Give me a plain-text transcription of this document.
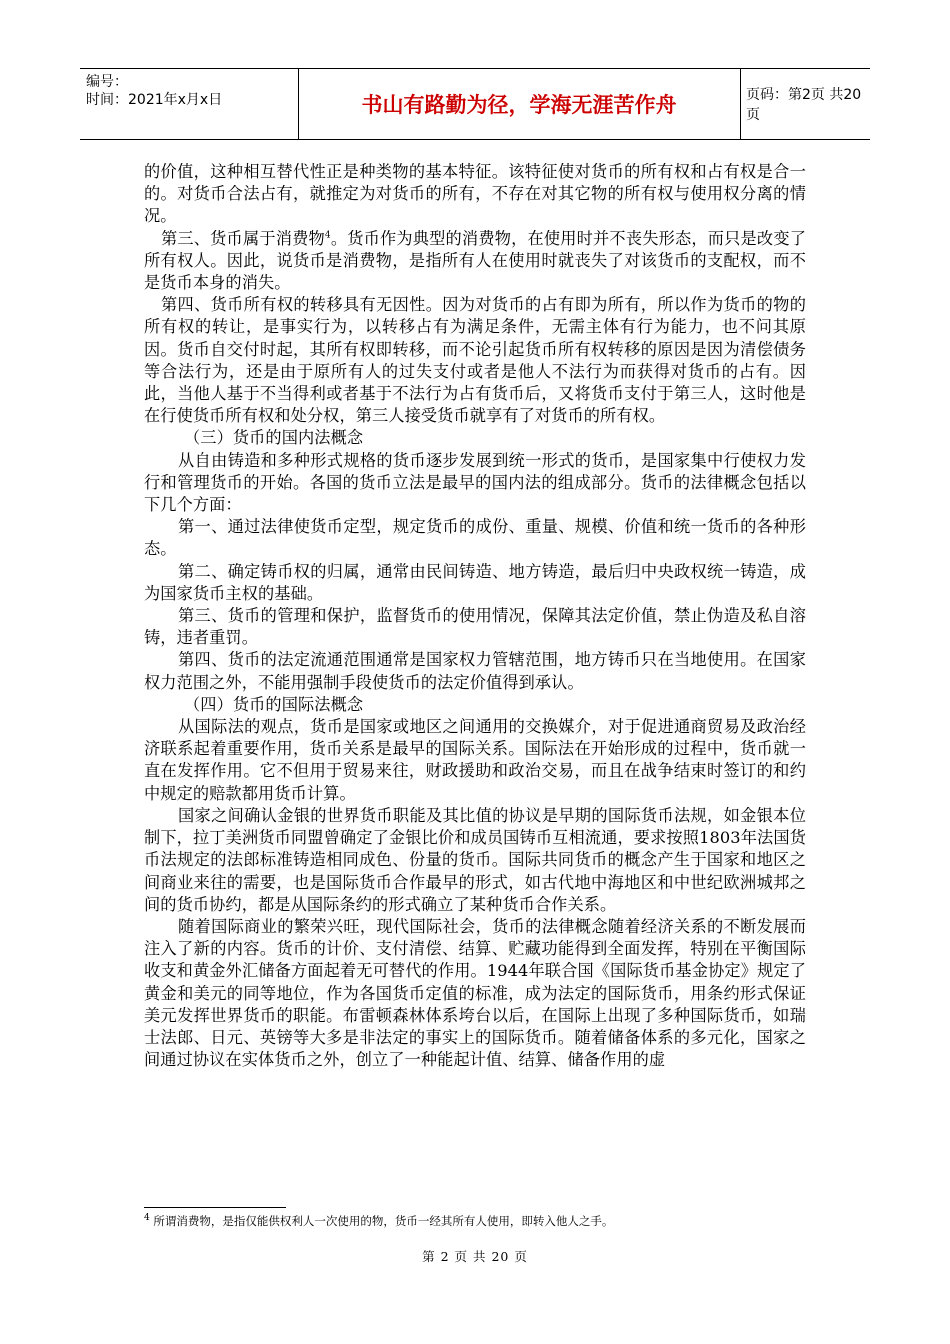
编号：
时间：2021年x月x日	书山有路勤为径，学海无涯苦作舟	页码：第2页 共20页

的价值，这种相互替代性正是种类物的基本特征。该特征使对货币的所有权和占有权是合一的。对货币合法占有，就推定为对货币的所有，不存在对其它物的所有权与使用权分离的情况。

第三、货币属于消费物$^4$。货币作为典型的消费物，在使用时并不丧失形态，而只是改变了所有权人。因此，说货币是消费物，是指所有人在使用时就丧失了对该货币的支配权，而不是货币本身的消失。

第四、货币所有权的转移具有无因性。因为对货币的占有即为所有，所以作为货币的物的所有权的转让，是事实行为，以转移占有为满足条件，无需主体有行为能力，也不问其原因。货币自交付时起，其所有权即转移，而不论引起货币所有权转移的原因是因为清偿债务等合法行为，还是由于原所有人的过失支付或者是他人不法行为而获得对货币的占有。因此，当他人基于不当得利或者基于不法行为占有货币后，又将货币支付于第三人，这时他是在行使货币所有权和处分权，第三人接受货币就享有了对货币的所有权。

（三）货币的国内法概念

从自由铸造和多种形式规格的货币逐步发展到统一形式的货币，是国家集中行使权力发行和管理货币的开始。各国的货币立法是最早的国内法的组成部分。货币的法律概念包括以下几个方面：

第一、通过法律使货币定型，规定货币的成份、重量、规模、价值和统一货币的各种形态。

第二、确定铸币权的归属，通常由民间铸造、地方铸造，最后归中央政权统一铸造，成为国家货币主权的基础。

第三、货币的管理和保护，监督货币的使用情况，保障其法定价值，禁止伪造及私自溶铸，违者重罚。

第四、货币的法定流通范围通常是国家权力管辖范围，地方铸币只在当地使用。在国家权力范围之外，不能用强制手段使货币的法定价值得到承认。

（四）货币的国际法概念

从国际法的观点，货币是国家或地区之间通用的交换媒介，对于促进通商贸易及政治经济联系起着重要作用，货币关系是最早的国际关系。国际法在开始形成的过程中，货币就一直在发挥作用。它不但用于贸易来往，财政援助和政治交易，而且在战争结束时签订的和约中规定的赔款都用货币计算。

国家之间确认金银的世界货币职能及其比值的协议是早期的国际货币法规，如金银本位制下，拉丁美洲货币同盟曾确定了金银比价和成员国铸币互相流通，要求按照1803年法国货币法规定的法郎标准铸造相同成色、份量的货币。国际共同货币的概念产生于国家和地区之间商业来往的需要，也是国际货币合作最早的形式，如古代地中海地区和中世纪欧洲城邦之间的货币协约，都是从国际条约的形式确立了某种货币合作关系。

随着国际商业的繁荣兴旺，现代国际社会，货币的法律概念随着经济关系的不断发展而注入了新的内容。货币的计价、支付清偿、结算、贮藏功能得到全面发挥，特别在平衡国际收支和黄金外汇储备方面起着无可替代的作用。1944年联合国《国际货币基金协定》规定了黄金和美元的同等地位，作为各国货币定值的标准，成为法定的国际货币，用条约形式保证美元发挥世界货币的职能。布雷顿森林体系垮台以后，在国际上出现了多种国际货币，如瑞士法郎、日元、英镑等大多是非法定的事实上的国际货币。随着储备体系的多元化，国家之间通过协议在实体货币之外，创立了一种能起计值、结算、储备作用的虚

$^4$ 所谓消费物，是指仅能供权利人一次使用的物，货币一经其所有人使用，即转入他人之手。
第 2 页 共 20 页
